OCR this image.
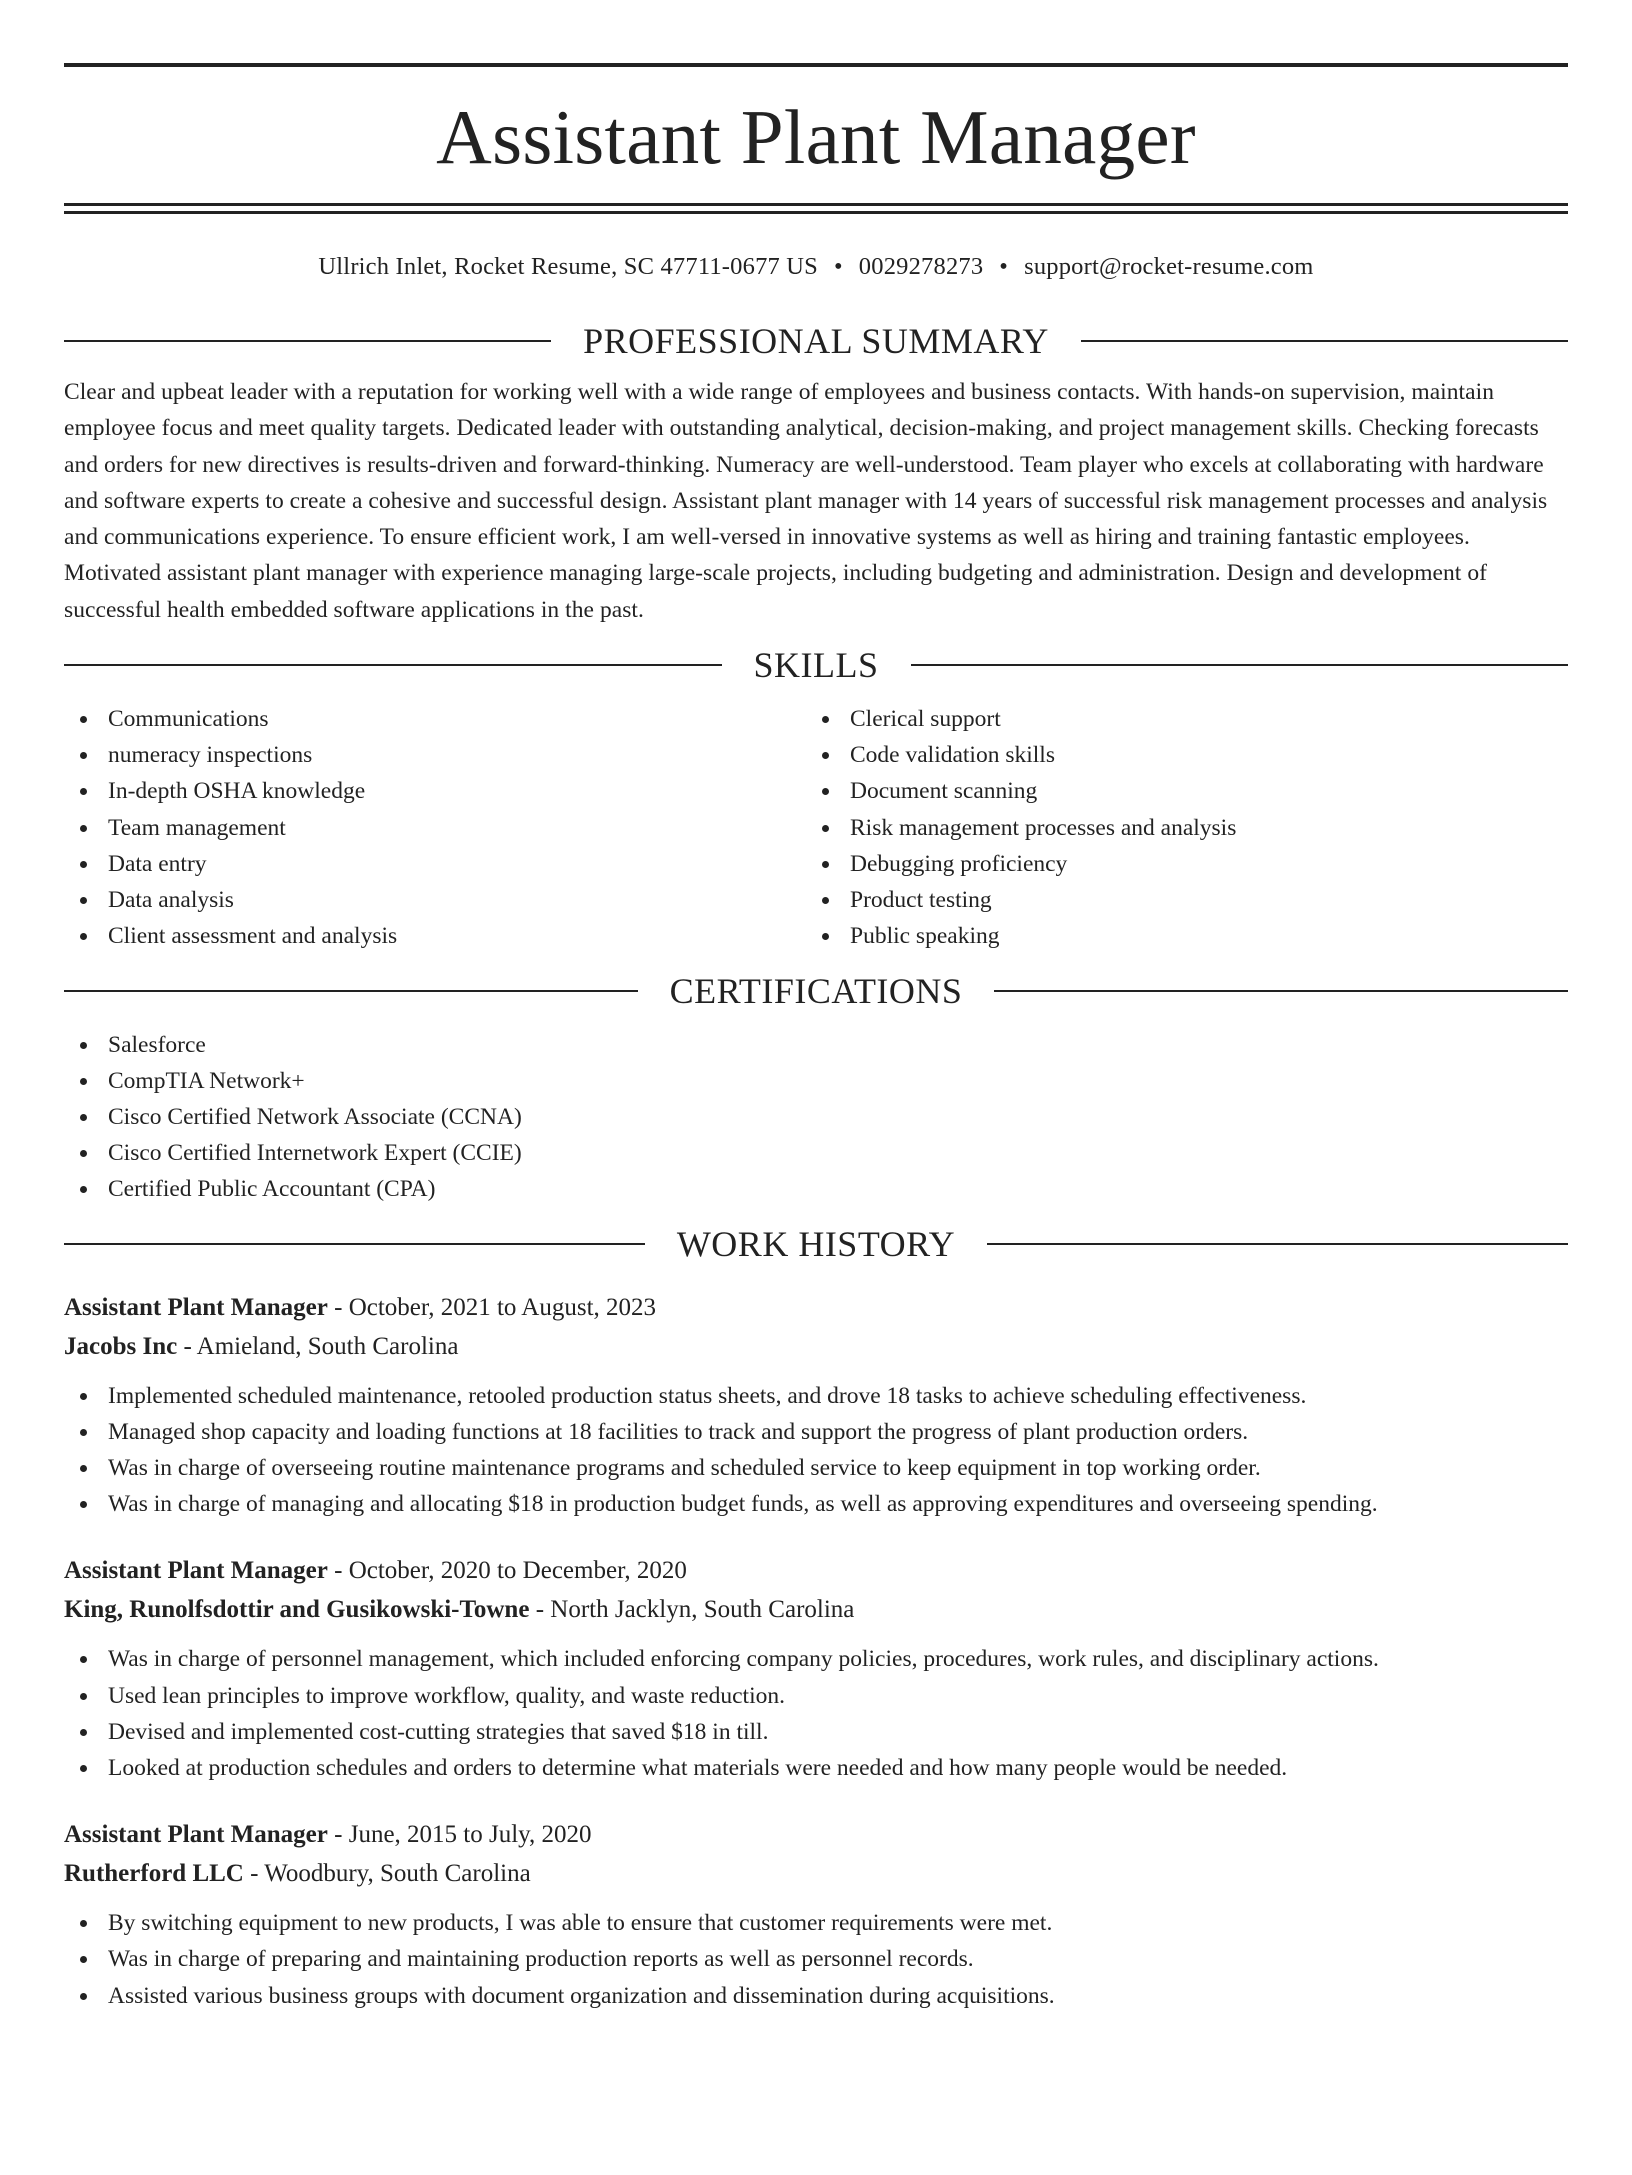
Assistant Plant Manager
Ullrich Inlet, Rocket Resume, SC 47711-0677 US • 0029278273 • support@rocket-resume.com
PROFESSIONAL SUMMARY

Clear and upbeat leader with a reputation for working well with a wide range of employees and business contacts. With hands-on supervision, maintain employee focus and meet quality targets. Dedicated leader with outstanding analytical, decision-making, and project management skills. Checking forecasts and orders for new directives is results-driven and forward-thinking. Numeracy are well-understood. Team player who excels at collaborating with hardware and software experts to create a cohesive and successful design. Assistant plant manager with 14 years of successful risk management processes and analysis and communications experience. To ensure efficient work, I am well-versed in innovative systems as well as hiring and training fantastic employees. Motivated assistant plant manager with experience managing large-scale projects, including budgeting and administration. Design and development of successful health embedded software applications in the past.

SKILLS
Communications
numeracy inspections
In-depth OSHA knowledge
Team management
Data entry
Data analysis
Client assessment and analysis
Clerical support
Code validation skills
Document scanning
Risk management processes and analysis
Debugging proficiency
Product testing
Public speaking
CERTIFICATIONS
Salesforce
CompTIA Network+
Cisco Certified Network Associate (CCNA)
Cisco Certified Internetwork Expert (CCIE)
Certified Public Accountant (CPA)
WORK HISTORY
Assistant Plant Manager - October, 2021 to August, 2023
Jacobs Inc - Amieland, South Carolina
Implemented scheduled maintenance, retooled production status sheets, and drove 18 tasks to achieve scheduling effectiveness.
Managed shop capacity and loading functions at 18 facilities to track and support the progress of plant production orders.
Was in charge of overseeing routine maintenance programs and scheduled service to keep equipment in top working order.
Was in charge of managing and allocating $18 in production budget funds, as well as approving expenditures and overseeing spending.
Assistant Plant Manager - October, 2020 to December, 2020
King, Runolfsdottir and Gusikowski-Towne - North Jacklyn, South Carolina
Was in charge of personnel management, which included enforcing company policies, procedures, work rules, and disciplinary actions.
Used lean principles to improve workflow, quality, and waste reduction.
Devised and implemented cost-cutting strategies that saved $18 in till.
Looked at production schedules and orders to determine what materials were needed and how many people would be needed.
Assistant Plant Manager - June, 2015 to July, 2020
Rutherford LLC - Woodbury, South Carolina
By switching equipment to new products, I was able to ensure that customer requirements were met.
Was in charge of preparing and maintaining production reports as well as personnel records.
Assisted various business groups with document organization and dissemination during acquisitions.
